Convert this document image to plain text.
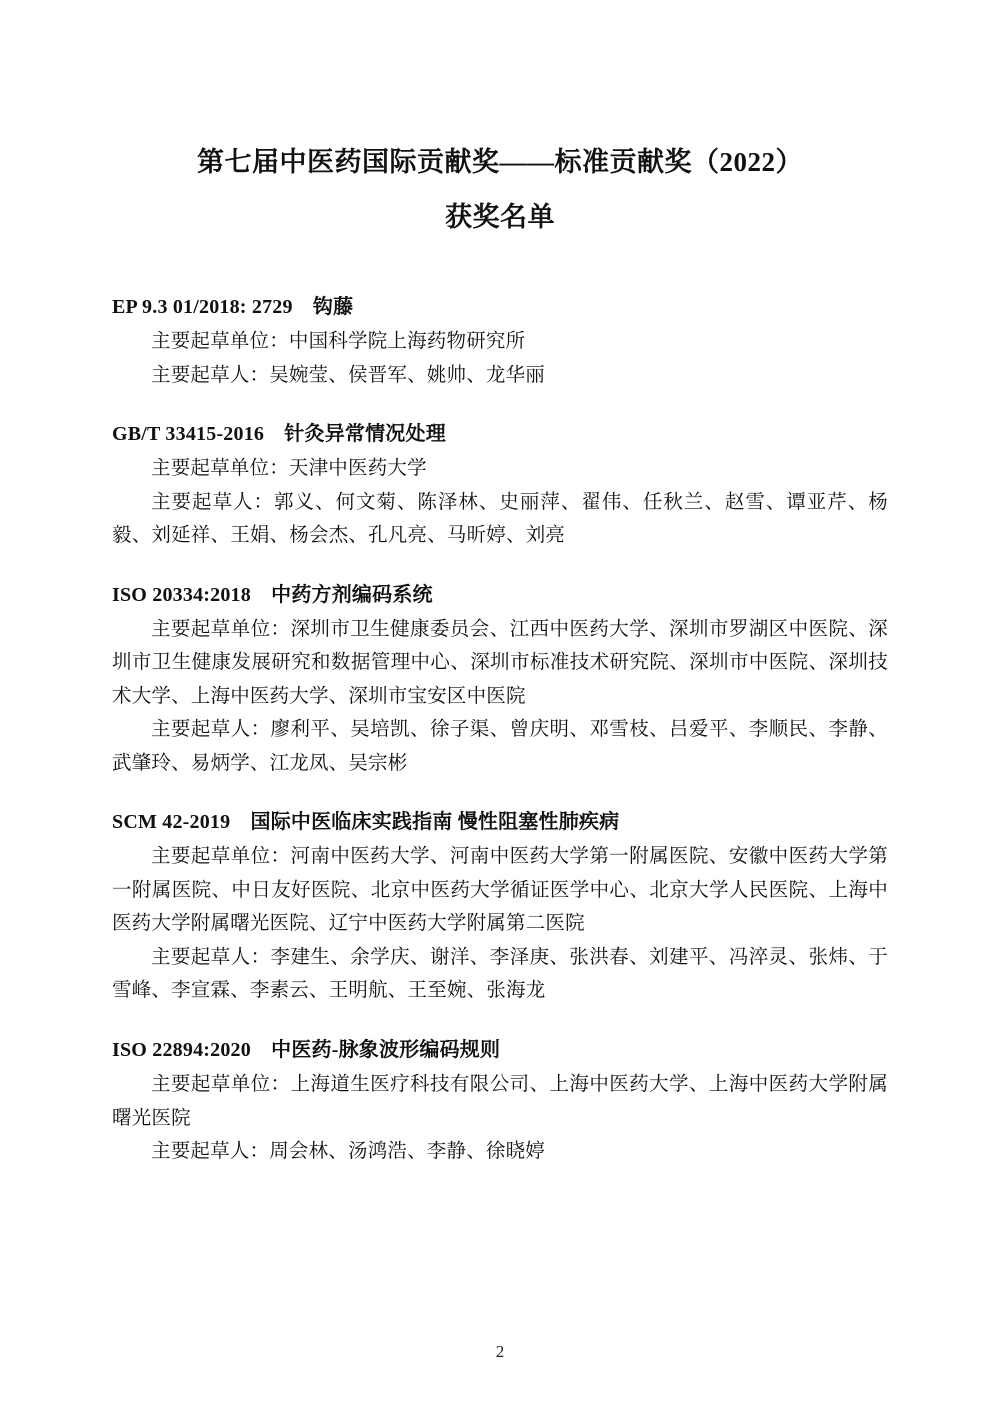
第七届中医药国际贡献奖——标准贡献奖（2022）
获奖名单
EP 9.3 01/2018: 2729　钩藤
主要起草单位：中国科学院上海药物研究所
主要起草人：吴婉莹、侯晋军、姚帅、龙华丽
GB/T 33415-2016　针灸异常情况处理
主要起草单位：天津中医药大学
主要起草人：郭义、何文菊、陈泽林、史丽萍、翟伟、任秋兰、赵雪、谭亚芹、杨毅、刘延祥、王娟、杨会杰、孔凡亮、马昕婷、刘亮
ISO 20334:2018　中药方剂编码系统
主要起草单位：深圳市卫生健康委员会、江西中医药大学、深圳市罗湖区中医院、深圳市卫生健康发展研究和数据管理中心、深圳市标准技术研究院、深圳市中医院、深圳技术大学、上海中医药大学、深圳市宝安区中医院
主要起草人：廖利平、吴培凯、徐子渠、曾庆明、邓雪枝、吕爱平、李顺民、李静、武肇玲、易炳学、江龙凤、吴宗彬
SCM 42-2019　国际中医临床实践指南 慢性阻塞性肺疾病
主要起草单位：河南中医药大学、河南中医药大学第一附属医院、安徽中医药大学第一附属医院、中日友好医院、北京中医药大学循证医学中心、北京大学人民医院、上海中医药大学附属曙光医院、辽宁中医药大学附属第二医院
主要起草人：李建生、余学庆、谢洋、李泽庚、张洪春、刘建平、冯淬灵、张炜、于雪峰、李宣霖、李素云、王明航、王至婉、张海龙
ISO 22894:2020　中医药-脉象波形编码规则
主要起草单位：上海道生医疗科技有限公司、上海中医药大学、上海中医药大学附属曙光医院
主要起草人：周会林、汤鸿浩、李静、徐晓婷
2
